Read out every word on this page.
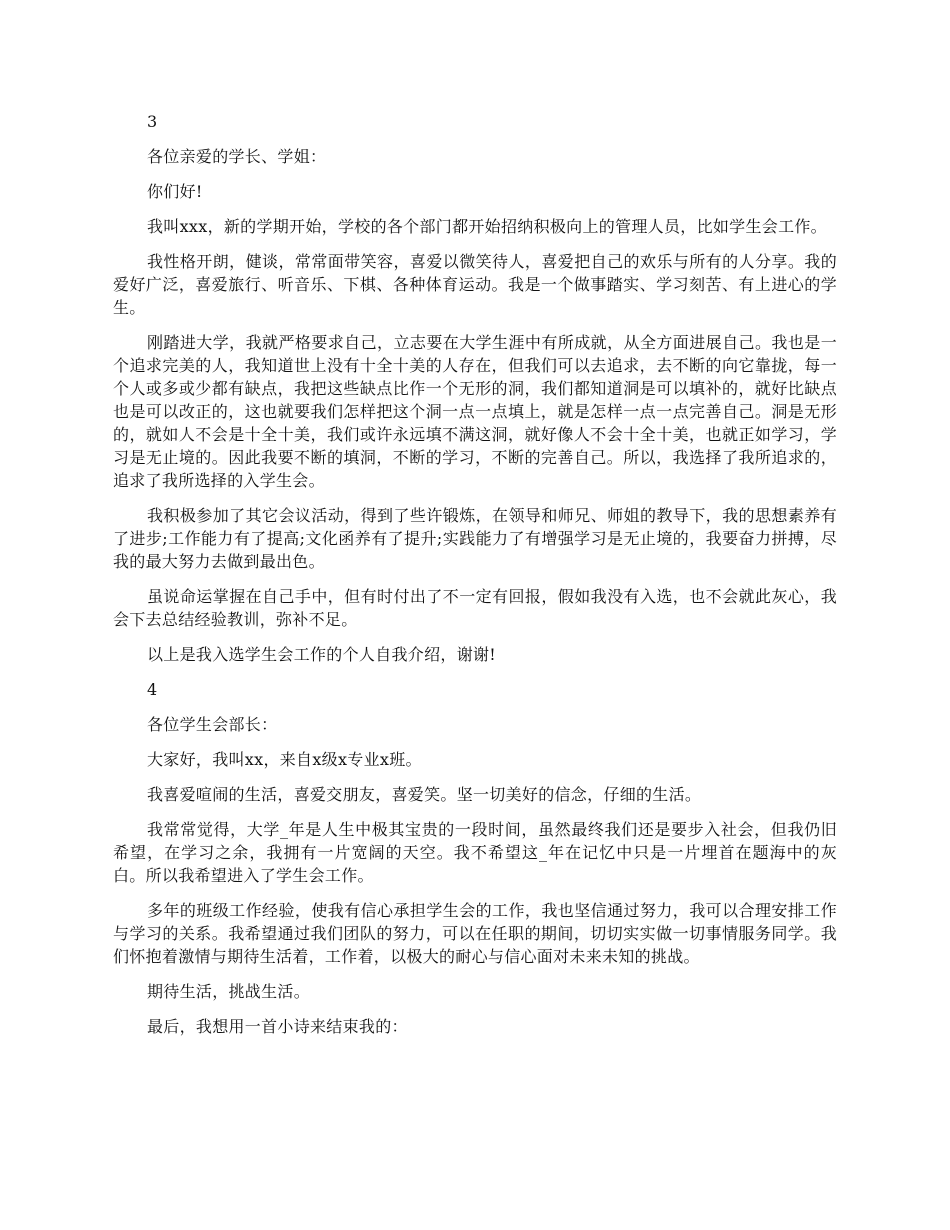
3

各位亲爱的学长、学姐：

你们好!

我叫xxx，新的学期开始，学校的各个部门都开始招纳积极向上的管理人员，比如学生会工作。

我性格开朗，健谈，常常面带笑容，喜爱以微笑待人，喜爱把自己的欢乐与所有的人分享。我的爱好广泛，喜爱旅行、听音乐、下棋、各种体育运动。我是一个做事踏实、学习刻苦、有上进心的学生。

刚踏进大学，我就严格要求自己，立志要在大学生涯中有所成就，从全方面进展自己。我也是一个追求完美的人，我知道世上没有十全十美的人存在，但我们可以去追求，去不断的向它靠拢，每一个人或多或少都有缺点，我把这些缺点比作一个无形的洞，我们都知道洞是可以填补的，就好比缺点也是可以改正的，这也就要我们怎样把这个洞一点一点填上，就是怎样一点一点完善自己。洞是无形的，就如人不会是十全十美，我们或许永远填不满这洞，就好像人不会十全十美，也就正如学习，学习是无止境的。因此我要不断的填洞，不断的学习，不断的完善自己。所以，我选择了我所追求的，追求了我所选择的入学生会。

我积极参加了其它会议活动，得到了些许锻炼，在领导和师兄、师姐的教导下，我的思想素养有了进步;工作能力有了提高;文化函养有了提升;实践能力了有增强学习是无止境的，我要奋力拼搏，尽我的最大努力去做到最出色。

虽说命运掌握在自己手中，但有时付出了不一定有回报，假如我没有入选，也不会就此灰心，我会下去总结经验教训，弥补不足。

以上是我入选学生会工作的个人自我介绍，谢谢!

4

各位学生会部长：

大家好，我叫xx，来自x级x专业x班。

我喜爱喧闹的生活，喜爱交朋友，喜爱笑。坚一切美好的信念，仔细的生活。

我常常觉得，大学_年是人生中极其宝贵的一段时间，虽然最终我们还是要步入社会，但我仍旧希望，在学习之余，我拥有一片宽阔的天空。我不希望这_年在记忆中只是一片埋首在题海中的灰白。所以我希望进入了学生会工作。

多年的班级工作经验，使我有信心承担学生会的工作，我也坚信通过努力，我可以合理安排工作与学习的关系。我希望通过我们团队的努力，可以在任职的期间，切切实实做一切事情服务同学。我们怀抱着激情与期待生活着，工作着，以极大的耐心与信心面对未来未知的挑战。

期待生活，挑战生活。

最后，我想用一首小诗来结束我的：
